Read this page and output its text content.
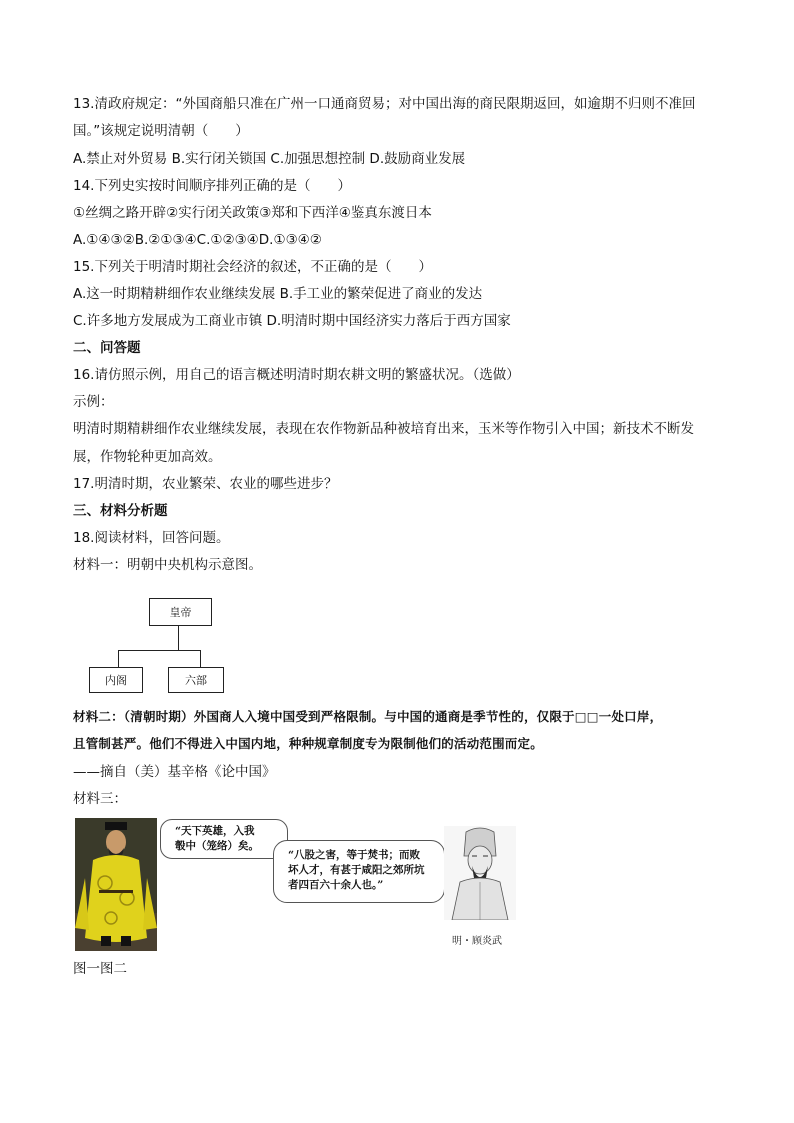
13.清政府规定：“外国商船只准在广州一口通商贸易；对中国出海的商民限期返回，如逾期不归则不准回
国。”该规定说明清朝（　　）
A.禁止对外贸易 B.实行闭关锁国 C.加强思想控制 D.鼓励商业发展
14.下列史实按时间顺序排列正确的是（　　）
①丝绸之路开辟②实行闭关政策③郑和下西洋④鉴真东渡日本
A.①④③②B.②①③④C.①②③④D.①③④②
15.下列关于明清时期社会经济的叙述，不正确的是（　　）
A.这一时期精耕细作农业继续发展 B.手工业的繁荣促进了商业的发达
C.许多地方发展成为工商业市镇 D.明清时期中国经济实力落后于西方国家
二、问答题
16.请仿照示例，用自己的语言概述明清时期农耕文明的繁盛状况。（选做）
示例：
明清时期精耕细作农业继续发展，表现在农作物新品种被培育出来，玉米等作物引入中国；新技术不断发
展，作物轮种更加高效。
17.明清时期，农业繁荣、农业的哪些进步？
三、材料分析题
18.阅读材料，回答问题。
材料一：明朝中央机构示意图。
皇帝
内阁	六部
材料二：（清朝时期）外国商人入境中国受到严格限制。与中国的通商是季节性的，仅限于□□一处口岸，
且管制甚严。他们不得进入中国内地，种种规章制度专为限制他们的活动范围而定。
——摘自（美）基辛格《论中国》
材料三：
“天下英雄，入我
彀中（笼络）矣。
“八股之害，等于焚书；而败
坏人才，有甚于咸阳之郊所坑
者四百六十余人也。”
明・顾炎武
图一图二
